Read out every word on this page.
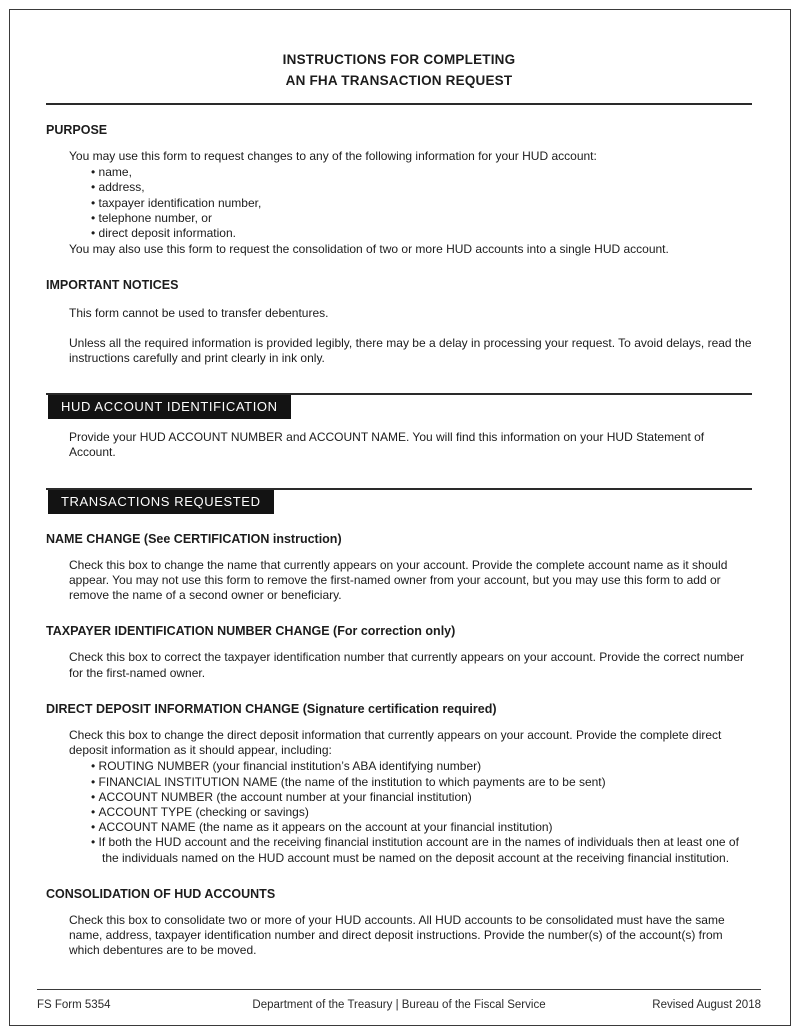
INSTRUCTIONS FOR COMPLETING
AN FHA TRANSACTION REQUEST
PURPOSE

You may use this form to request changes to any of the following information for your HUD account:

• name,
• address,
• taxpayer identification number,
• telephone number, or
• direct deposit information.

You may also use this form to request the consolidation of two or more HUD accounts into a single HUD account.

IMPORTANT NOTICES

This form cannot be used to transfer debentures.

Unless all the required information is provided legibly, there may be a delay in processing your request. To avoid delays, read the instructions carefully and print clearly in ink only.

HUD ACCOUNT IDENTIFICATION

Provide your HUD ACCOUNT NUMBER and ACCOUNT NAME. You will find this information on your HUD Statement of Account.

TRANSACTIONS REQUESTED
NAME CHANGE (See CERTIFICATION instruction)

Check this box to change the name that currently appears on your account. Provide the complete account name as it should appear. You may not use this form to remove the first-named owner from your account, but you may use this form to add or remove the name of a second owner or beneficiary.

TAXPAYER IDENTIFICATION NUMBER CHANGE (For correction only)

Check this box to correct the taxpayer identification number that currently appears on your account. Provide the correct number for the first-named owner.

DIRECT DEPOSIT INFORMATION CHANGE (Signature certification required)

Check this box to change the direct deposit information that currently appears on your account. Provide the complete direct deposit information as it should appear, including:

• ROUTING NUMBER (your financial institution’s ABA identifying number)
• FINANCIAL INSTITUTION NAME (the name of the institution to which payments are to be sent)
• ACCOUNT NUMBER (the account number at your financial institution)
• ACCOUNT TYPE (checking or savings)
• ACCOUNT NAME (the name as it appears on the account at your financial institution)
• If both the HUD account and the receiving financial institution account are in the names of individuals then at least one of the individuals named on the HUD account must be named on the deposit account at the receiving financial institution.
CONSOLIDATION OF HUD ACCOUNTS

Check this box to consolidate two or more of your HUD accounts. All HUD accounts to be consolidated must have the same name, address, taxpayer identification number and direct deposit instructions. Provide the number(s) of the account(s) from which debentures are to be moved.

Department of the Treasury | Bureau of the Fiscal Service
FS Form 5354	Revised August 2018
